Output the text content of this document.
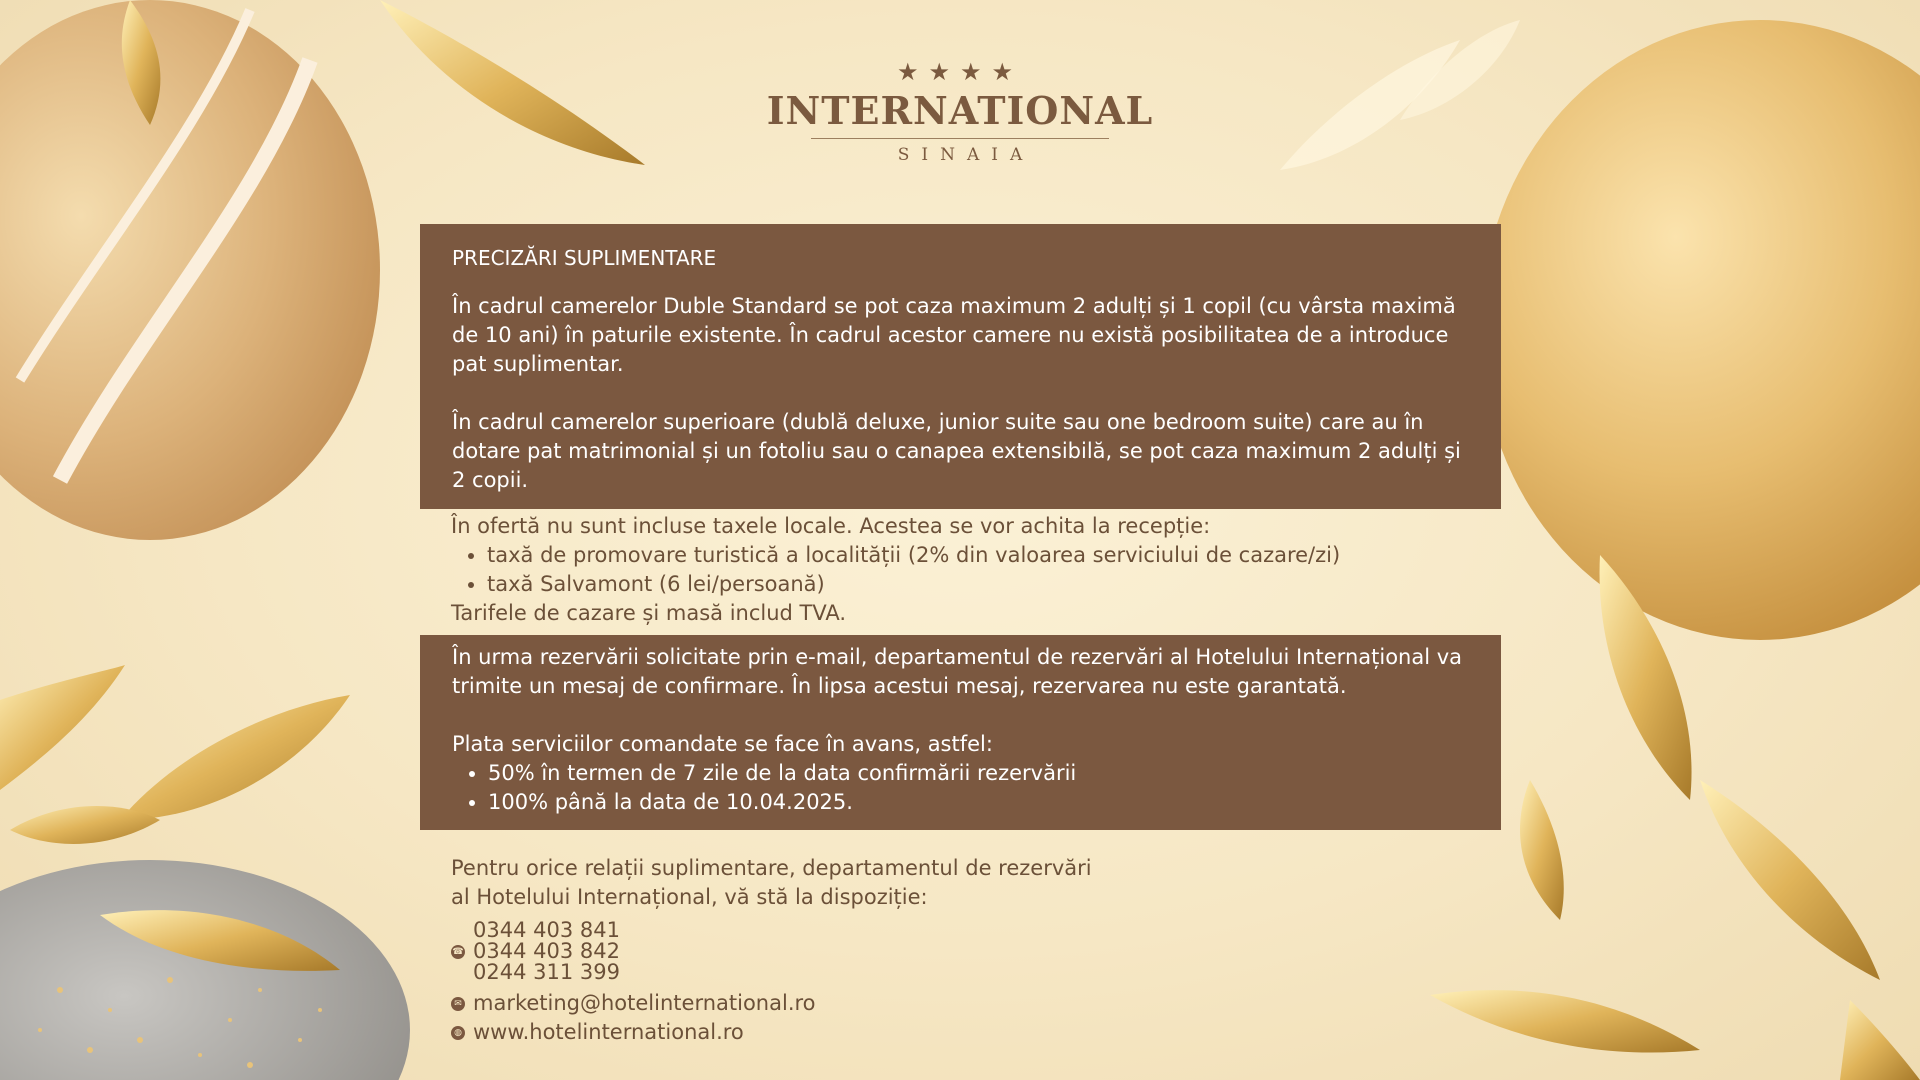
★★★★
INTERNATIONAL
SINAIA
PRECIZĂRI SUPLIMENTARE

În cadrul camerelor Duble Standard se pot caza maximum 2 adulți și 1 copil (cu vârsta maximă de 10 ani) în paturile existente. În cadrul acestor camere nu există posibilitatea de a introduce pat suplimentar.

În cadrul camerelor superioare (dublă deluxe, junior suite sau one bedroom suite) care au în dotare pat matrimonial și un fotoliu sau o canapea extensibilă, se pot caza maximum 2 adulți și 2 copii.

În ofertă nu sunt incluse taxele locale. Acestea se vor achita la recepție:

• taxă de promovare turistică a localității (2% din valoarea serviciului de cazare/zi)
• taxă Salvamont (6 lei/persoană)

Tarifele de cazare și masă includ TVA.

În urma rezervării solicitate prin e-mail, departamentul de rezervări al Hotelului Internațional va trimite un mesaj de confirmare. În lipsa acestui mesaj, rezervarea nu este garantată.

Plata serviciilor comandate se face în avans, astfel:

• 50% în termen de 7 zile de la data confirmării rezervării
• 100% până la data de 10.04.2025.

Pentru orice relații suplimentare, departamentul de rezervări

al Hotelului Internațional, vă stă la dispoziție:

☎

0344 403 841

0344 403 842

0244 311 399

✉ marketing@hotelinternational.ro
◍ www.hotelinternational.ro
